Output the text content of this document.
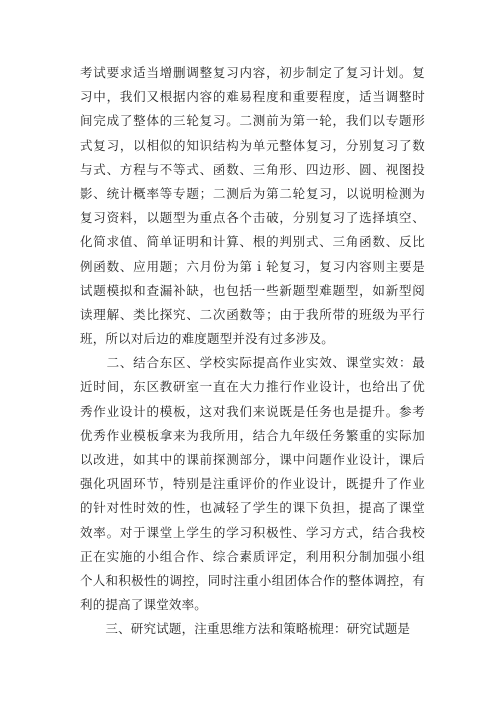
考试要求适当增删调整复习内容，初步制定了复习计划。复
习中，我们又根据内容的难易程度和重要程度，适当调整时
间完成了整体的三轮复习。二测前为第一轮，我们以专题形
式复习，以相似的知识结构为单元整体复习，分别复习了数
与式、方程与不等式、函数、三角形、四边形、圆、视图投
影、统计概率等专题；二测后为第二轮复习，以说明检测为
复习资料，以题型为重点各个击破，分别复习了选择填空、
化简求值、简单证明和计算、根的判别式、三角函数、反比
例函数、应用题；六月份为第ｉ轮复习，复习内容则主要是
试题模拟和查漏补缺，也包括一些新题型难题型，如新型阅
读理解、类比探究、二次函数等；由于我所带的班级为平行
班，所以对后边的难度题型并没有过多涉及。
　　二、结合东区、学校实际提高作业实效、课堂实效：最
近时间，东区教研室一直在大力推行作业设计，也给出了优
秀作业设计的模板，这对我们来说既是任务也是提升。参考
优秀作业模板拿来为我所用，结合九年级任务繁重的实际加
以改进，如其中的课前探测部分，课中问题作业设计，课后
强化巩固环节，特别是注重评价的作业设计，既提升了作业
的针对性时效的性，也减轻了学生的课下负担，提高了课堂
效率。对于课堂上学生的学习积极性、学习方式，结合我校
正在实施的小组合作、综合素质评定，利用积分制加强小组
个人和积极性的调控，同时注重小组团体合作的整体调控，有
利的提高了课堂效率。
　　三、研究试题，注重思维方法和策略梳理：研究试题是
